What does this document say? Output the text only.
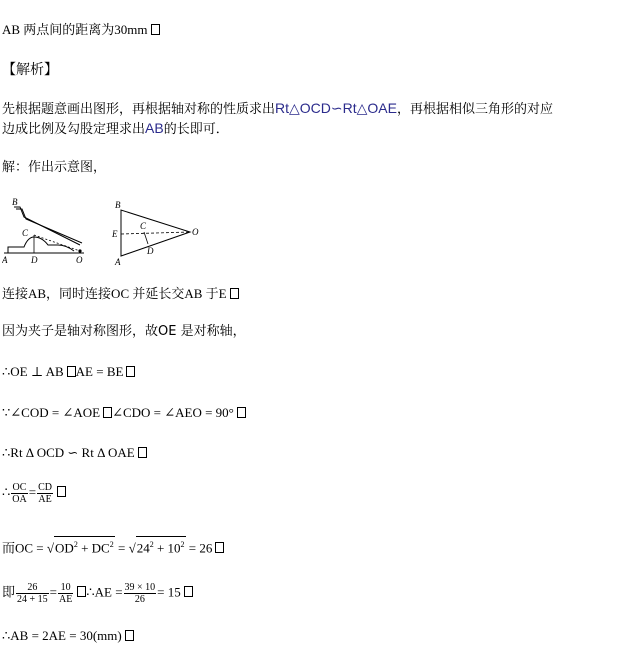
AB 两点间的距离为30mm
【解析】
先根据题意画出图形，再根据轴对称的性质求出Rt△OCD∽Rt△OAE，再根据相似三角形的对应
边成比例及勾股定理求出AB的长即可．
解：作出示意图，
B
C
A	D	O
B
E
C
O
D
A
连接AB，同时连接OC 并延长交AB 于E
因为夹子是轴对称图形，故OE 是对称轴，
∴OE ⊥ AB AE = BE
∵∠COD = ∠AOE ∠CDO = ∠AEO = 90°
∴Rt Δ OCD ∽ Rt Δ OAE
∴ $\frac{OC}{OA} = \frac{CD}{AE}$
而OC = $√OD^2 + DC^2 = √24^2 + 10^2 = 26$
即 $\frac{26}{24 + 15} = \frac{10}{AE}$ ∴AE = $\frac{39 \times 10}{26} = 15$
∴AB = 2AE = 30(mm)
